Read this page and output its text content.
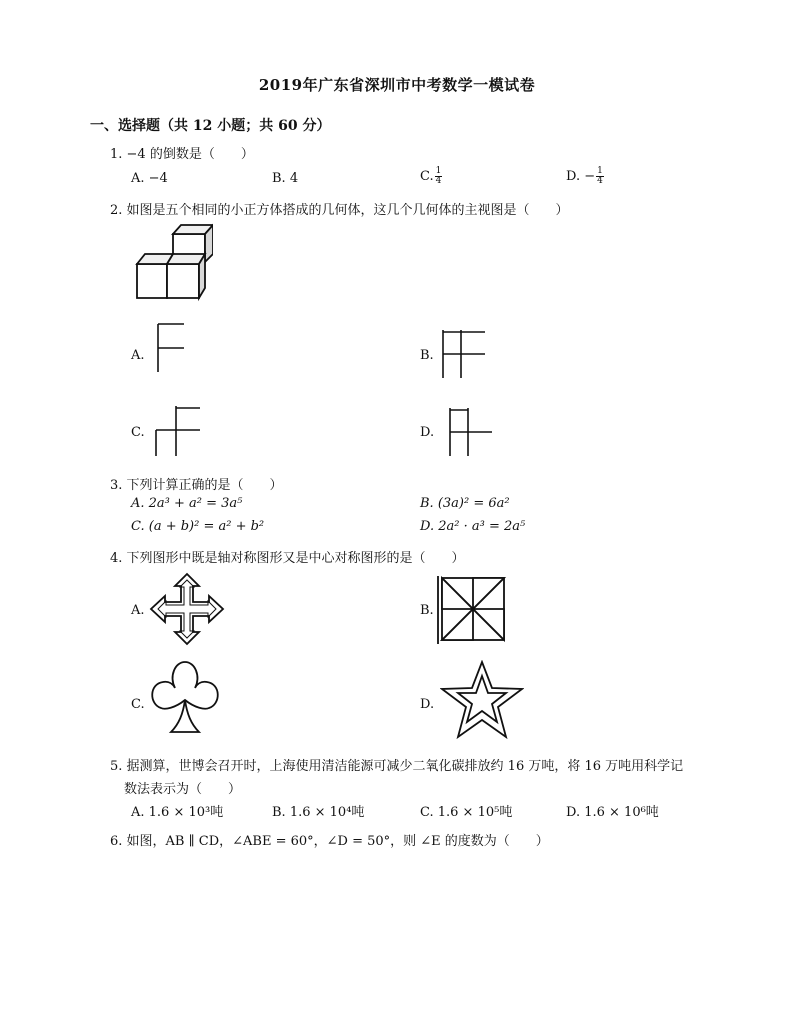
2019年广东省深圳市中考数学一模试卷
一、选择题（共 12 小题；共 60 分）
1. −4 的倒数是（　　）
A. −4	B. 4	C. $\frac{1}{4}$	D. − $\frac{1}{4}$
2. 如图是五个相同的小正方体搭成的几何体，这几个几何体的主视图是（　　）
A.	B.
C.	D.
3. 下列计算正确的是（　　）
A. 2a³ + a² = 3a⁵	B. (3a)² = 6a²
C. (a + b)² = a² + b²	D. 2a² · a³ = 2a⁵
4. 下列图形中既是轴对称图形又是中心对称图形的是（　　）
A.	B.
C.	D.
5. 据测算，世博会召开时，上海使用清洁能源可减少二氧化碳排放约 16 万吨，将 16 万吨用科学记
数法表示为（　　）
A. 1.6 × 10³吨	B. 1.6 × 10⁴吨	C. 1.6 × 10⁵吨	D. 1.6 × 10⁶吨
6. 如图，AB ∥ CD，∠ABE = 60°，∠D = 50°，则 ∠E 的度数为（　　）
